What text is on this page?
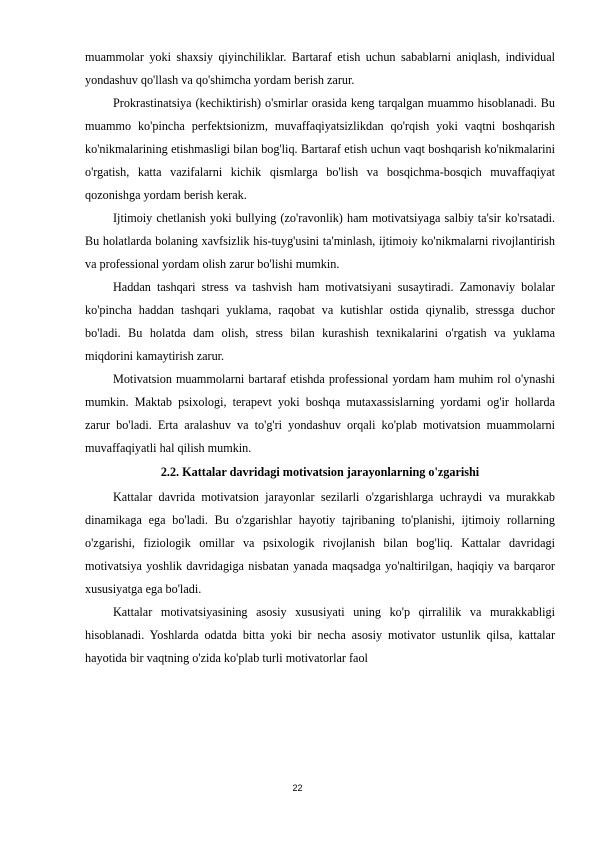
muammolar yoki shaxsiy qiyinchiliklar. Bartaraf etish uchun sabablarni aniqlash, individual yondashuv qo'llash va qo'shimcha yordam berish zarur.

Prokrastinatsiya (kechiktirish) o'smirlar orasida keng tarqalgan muammo hisoblanadi. Bu muammo ko'pincha perfektsionizm, muvaffaqiyatsizlikdan qo'rqish yoki vaqtni boshqarish ko'nikmalarining etishmasligi bilan bog'liq. Bartaraf etish uchun vaqt boshqarish ko'nikmalarini o'rgatish, katta vazifalarni kichik qismlarga bo'lish va bosqichma-bosqich muvaffaqiyat qozonishga yordam berish kerak.

Ijtimoiy chetlanish yoki bullying (zo'ravonlik) ham motivatsiyaga salbiy ta'sir ko'rsatadi. Bu holatlarda bolaning xavfsizlik his-tuyg'usini ta'minlash, ijtimoiy ko'nikmalarni rivojlantirish va professional yordam olish zarur bo'lishi mumkin.

Haddan tashqari stress va tashvish ham motivatsiyani susaytiradi. Zamonaviy bolalar ko'pincha haddan tashqari yuklama, raqobat va kutishlar ostida qiynalib, stressga duchor bo'ladi. Bu holatda dam olish, stress bilan kurashish texnikalarini o'rgatish va yuklama miqdorini kamaytirish zarur.

Motivatsion muammolarni bartaraf etishda professional yordam ham muhim rol o'ynashi mumkin. Maktab psixologi, terapevt yoki boshqa mutaxassislarning yordami og'ir hollarda zarur bo'ladi. Erta aralashuv va to'g'ri yondashuv orqali ko'plab motivatsion muammolarni muvaffaqiyatli hal qilish mumkin.

2.2. Kattalar davridagi motivatsion jarayonlarning o'zgarishi

Kattalar davrida motivatsion jarayonlar sezilarli o'zgarishlarga uchraydi va murakkab dinamikaga ega bo'ladi. Bu o'zgarishlar hayotiy tajribaning to'planishi, ijtimoiy rollarning o'zgarishi, fiziologik omillar va psixologik rivojlanish bilan bog'liq. Kattalar davridagi motivatsiya yoshlik davridagiga nisbatan yanada maqsadga yo'naltirilgan, haqiqiy va barqaror xususiyatga ega bo'ladi.

Kattalar motivatsiyasining asosiy xususiyati uning ko'p qirralilik va murakkabligi hisoblanadi. Yoshlarda odatda bitta yoki bir necha asosiy motivator ustunlik qilsa, kattalar hayotida bir vaqtning o'zida ko'plab turli motivatorlar faol

22
